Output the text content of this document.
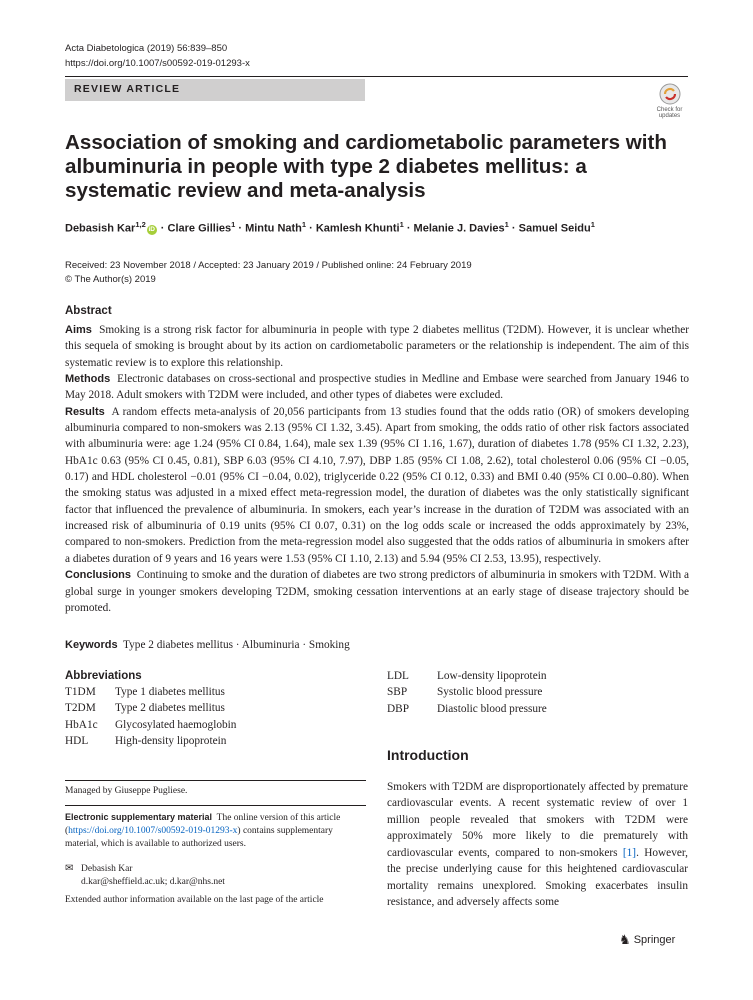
Acta Diabetologica (2019) 56:839–850
https://doi.org/10.1007/s00592-019-01293-x
REVIEW ARTICLE
Check for
updates
Association of smoking and cardiometabolic parameters with albuminuria in people with type 2 diabetes mellitus: a systematic review and meta-analysis
Debasish Kar$^{1,2}$iD · Clare Gillies$^1$ · Mintu Nath$^1$ · Kamlesh Khunti$^1$ · Melanie J. Davies$^1$ · Samuel Seidu$^1$
Received: 23 November 2018 / Accepted: 23 January 2019 / Published online: 24 February 2019
© The Author(s) 2019
Abstract

Aims Smoking is a strong risk factor for albuminuria in people with type 2 diabetes mellitus (T2DM). However, it is unclear whether this sequela of smoking is brought about by its action on cardiometabolic parameters or the relationship is independent. The aim of this systematic review is to explore this relationship.

Methods Electronic databases on cross-sectional and prospective studies in Medline and Embase were searched from January 1946 to May 2018. Adult smokers with T2DM were included, and other types of diabetes were excluded.

Results A random effects meta-analysis of 20,056 participants from 13 studies found that the odds ratio (OR) of smokers developing albuminuria compared to non-smokers was 2.13 (95% CI 1.32, 3.45). Apart from smoking, the odds ratio of other risk factors associated with albuminuria were: age 1.24 (95% CI 0.84, 1.64), male sex 1.39 (95% CI 1.16, 1.67), duration of diabetes 1.78 (95% CI 1.32, 2.23), HbA1c 0.63 (95% CI 0.45, 0.81), SBP 6.03 (95% CI 4.10, 7.97), DBP 1.85 (95% CI 1.08, 2.62), total cholesterol 0.06 (95% CI −0.05, 0.17) and HDL cholesterol −0.01 (95% CI −0.04, 0.02), triglyceride 0.22 (95% CI 0.12, 0.33) and BMI 0.40 (95% CI 0.00–0.80). When the smoking status was adjusted in a mixed effect meta-regression model, the duration of diabetes was the only statistically significant factor that influenced the prevalence of albuminuria. In smokers, each year’s increase in the duration of T2DM was associated with an increased risk of albuminuria of 0.19 units (95% CI 0.07, 0.31) on the log odds scale or increased the odds approximately by 23%, compared to non-smokers. Prediction from the meta-regression model also suggested that the odds ratios of albuminuria in smokers after a diabetes duration of 9 years and 16 years were 1.53 (95% CI 1.10, 2.13) and 5.94 (95% CI 2.53, 13.95), respectively.

Conclusions Continuing to smoke and the duration of diabetes are two strong predictors of albuminuria in smokers with T2DM. With a global surge in younger smokers developing T2DM, smoking cessation interventions at an early stage of disease trajectory should be promoted.

Keywords Type 2 diabetes mellitus · Albuminuria · Smoking
Abbreviations
T1DM Type 1 diabetes mellitus
T2DM Type 2 diabetes mellitus
HbA1c Glycosylated haemoglobin
HDL High-density lipoprotein
LDL Low-density lipoprotein
SBP	Systolic blood pressure
DBP Diastolic blood pressure
Introduction
Smokers with T2DM are disproportionately affected by premature cardiovascular events. A recent systematic review of over 1 million people revealed that smokers with T2DM were approximately 50% more likely to die prematurely with cardiovascular events, compared to non-smokers [1]. However, the precise underlying cause for this heightened cardiovascular mortality remains unexplored. Smoking exacerbates insulin resistance, and adversely affects some
Managed by Giuseppe Pugliese.
Electronic supplementary material The online version of this article (https://doi.org/10.1007/s00592-019-01293-x) contains supplementary material, which is available to authorized users.
✉ Debasish Kar
d.kar@sheffield.ac.uk; d.kar@nhs.net
Extended author information available on the last page of the article
♞ Springer
